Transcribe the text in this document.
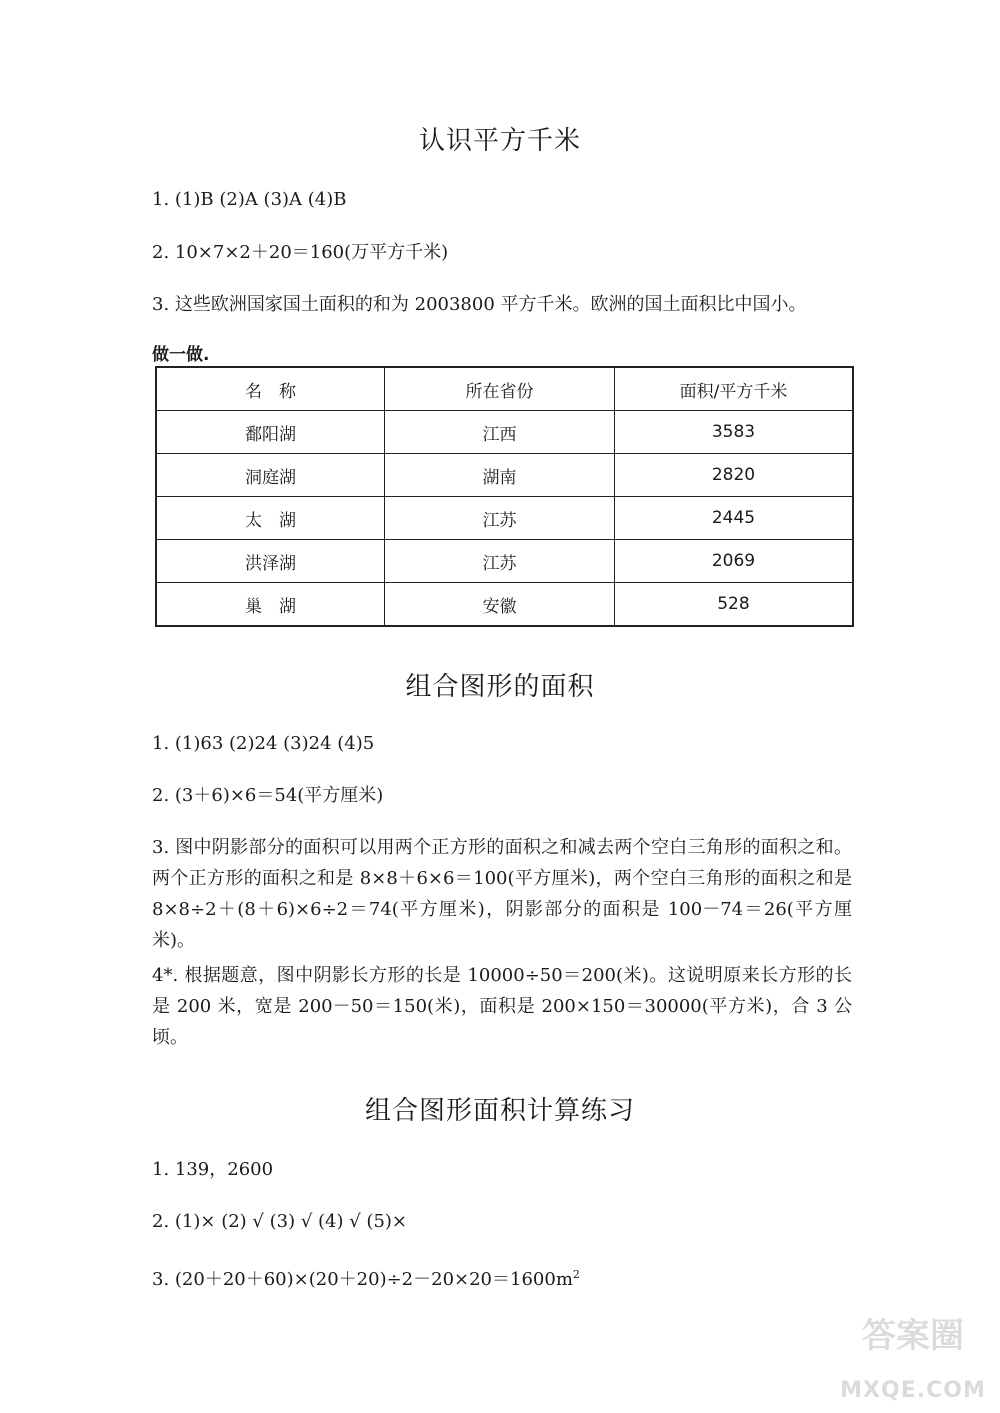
认识平方千米
1. (1)B (2)A (3)A (4)B
2. 10×7×2＋20＝160(万平方千米)
3. 这些欧洲国家国土面积的和为 2003800 平方千米。欧洲的国土面积比中国小。
做一做.
名　称	所在省份	面积/平方千米
鄱阳湖	江西	3583
洞庭湖	湖南	2820
太　湖	江苏	2445
洪泽湖	江苏	2069
巢　湖	安徽	528
组合图形的面积
1. (1)63 (2)24 (3)24 (4)5
2. (3＋6)×6＝54(平方厘米)
3. 图中阴影部分的面积可以用两个正方形的面积之和减去两个空白三角形的面积之和。两个正方形的面积之和是 8×8＋6×6＝100(平方厘米)，两个空白三角形的面积之和是 8×8÷2＋(8＋6)×6÷2＝74(平方厘米)，阴影部分的面积是 100－74＝26(平方厘米)。
4*. 根据题意，图中阴影长方形的长是 10000÷50＝200(米)。这说明原来长方形的长是 200 米，宽是 200－50＝150(米)，面积是 200×150＝30000(平方米)，合 3 公顷。
组合图形面积计算练习
1. 139，2600
2. (1)× (2) √ (3) √ (4) √ (5)×
3. $(20+20+60)\times(20+20)\div 2-20\times 20=1600m^2$
答案圈
MXQE.COM
